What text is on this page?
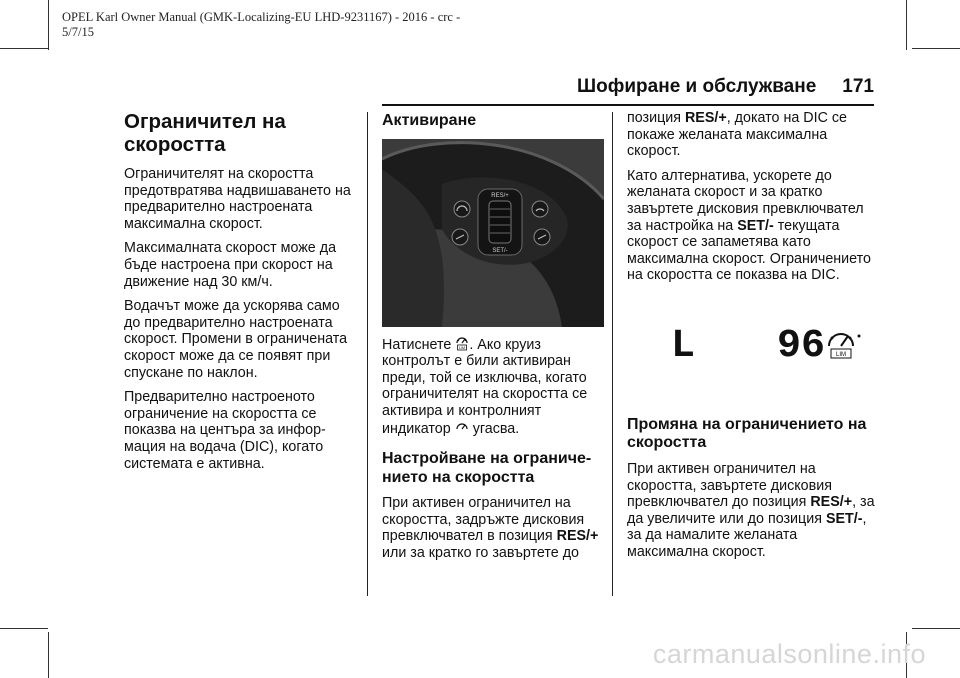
OPEL Karl Owner Manual (GMK-Localizing-EU LHD-9231167) - 2016 - crc -
5/7/15
Шофиране и обслужване 171
Ограничител на скоростта

Ограничителят на скоростта предотвратява надвишаването на предварително настроената максимална скорост.

Максималната скорост може да бъде настроена при скорост на движение над 30 км/ч.

Водачът може да ускорява само до предварително настроената скорост. Промени в ограничената скорост може да се появят при спускане по наклон.

Предварително настроеното ограничение на скоростта се показва на центъра за информация на водача (DIC), когато системата е активна.

Активиране
RES/+
SET/-

Натиснете LIM . Ако круиз контролът е били активиран преди, той се изключва, когато ограничителят на скоростта се активира и контролният индикатор угасва.

Настройване на ограничението на скоростта

При активен ограничител на скоростта, задръжте дисковия превключвател в позиция RES/+ или за кратко го завъртете до

позиция RES/+, докато на DIC се покаже желаната максимална скорост.

Като алтернатива, ускорете до желаната скорост и за кратко завъртете дисковия превключвател за настройка на SET/- текущата скорост се запаметява като максимална скорост. Ограничението на скоростта се показва на DIC.

L 96 LIM
Промяна на ограничението на скоростта

При активен ограничител на скоростта, завъртете дисковия превключвател до позиция RES/+, за да увеличите или до позиция SET/-, за да намалите желаната максимална скорост.

carmanualsonline.info
